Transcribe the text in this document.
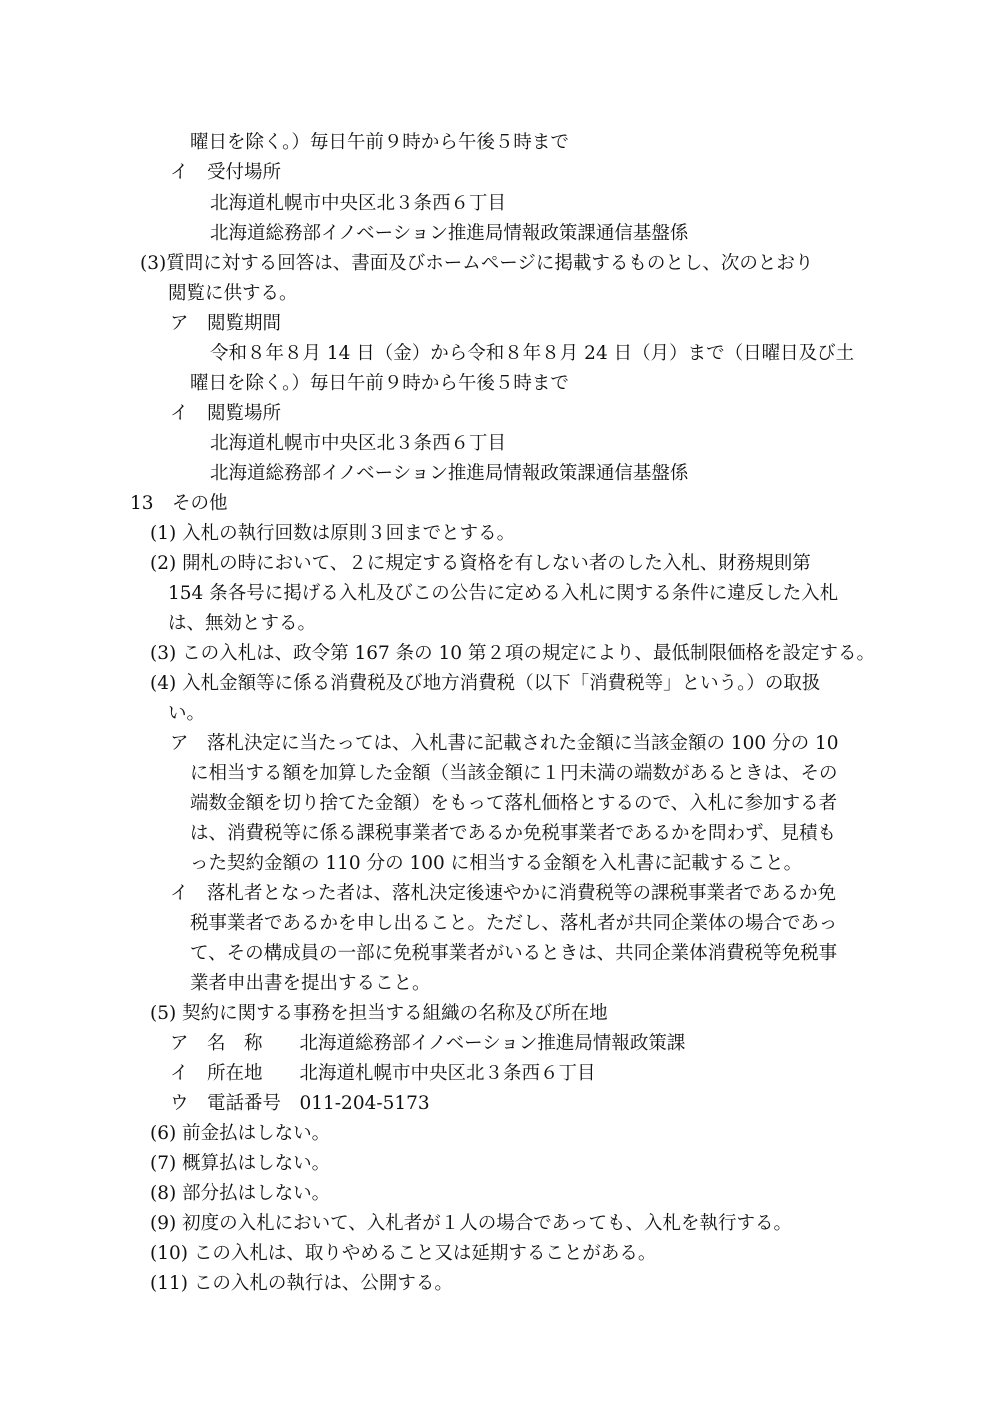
曜日を除く。）毎日午前９時から午後５時まで
イ　受付場所
北海道札幌市中央区北３条西６丁目
北海道総務部イノベーション推進局情報政策課通信基盤係
(3)質問に対する回答は、書面及びホームページに掲載するものとし、次のとおり
閲覧に供する。
ア　閲覧期間
令和８年８月 14 日（金）から令和８年８月 24 日（月）まで（日曜日及び土
曜日を除く。）毎日午前９時から午後５時まで
イ　閲覧場所
北海道札幌市中央区北３条西６丁目
北海道総務部イノベーション推進局情報政策課通信基盤係
13　その他
(1) 入札の執行回数は原則３回までとする。
(2) 開札の時において、２に規定する資格を有しない者のした入札、財務規則第
154 条各号に掲げる入札及びこの公告に定める入札に関する条件に違反した入札
は、無効とする。
(3) この入札は、政令第 167 条の 10 第２項の規定により、最低制限価格を設定する。
(4) 入札金額等に係る消費税及び地方消費税（以下「消費税等」という。）の取扱
い。
ア　落札決定に当たっては、入札書に記載された金額に当該金額の 100 分の 10
に相当する額を加算した金額（当該金額に１円未満の端数があるときは、その
端数金額を切り捨てた金額）をもって落札価格とするので、入札に参加する者
は、消費税等に係る課税事業者であるか免税事業者であるかを問わず、見積も
った契約金額の 110 分の 100 に相当する金額を入札書に記載すること。
イ　落札者となった者は、落札決定後速やかに消費税等の課税事業者であるか免
税事業者であるかを申し出ること。ただし、落札者が共同企業体の場合であっ
て、その構成員の一部に免税事業者がいるときは、共同企業体消費税等免税事
業者申出書を提出すること。
(5) 契約に関する事務を担当する組織の名称及び所在地
ア　名　称　　北海道総務部イノベーション推進局情報政策課
イ　所在地　　北海道札幌市中央区北３条西６丁目
ウ　電話番号　011-204-5173
(6) 前金払はしない。
(7) 概算払はしない。
(8) 部分払はしない。
(9) 初度の入札において、入札者が１人の場合であっても、入札を執行する。
(10) この入札は、取りやめること又は延期することがある。
(11) この入札の執行は、公開する。
